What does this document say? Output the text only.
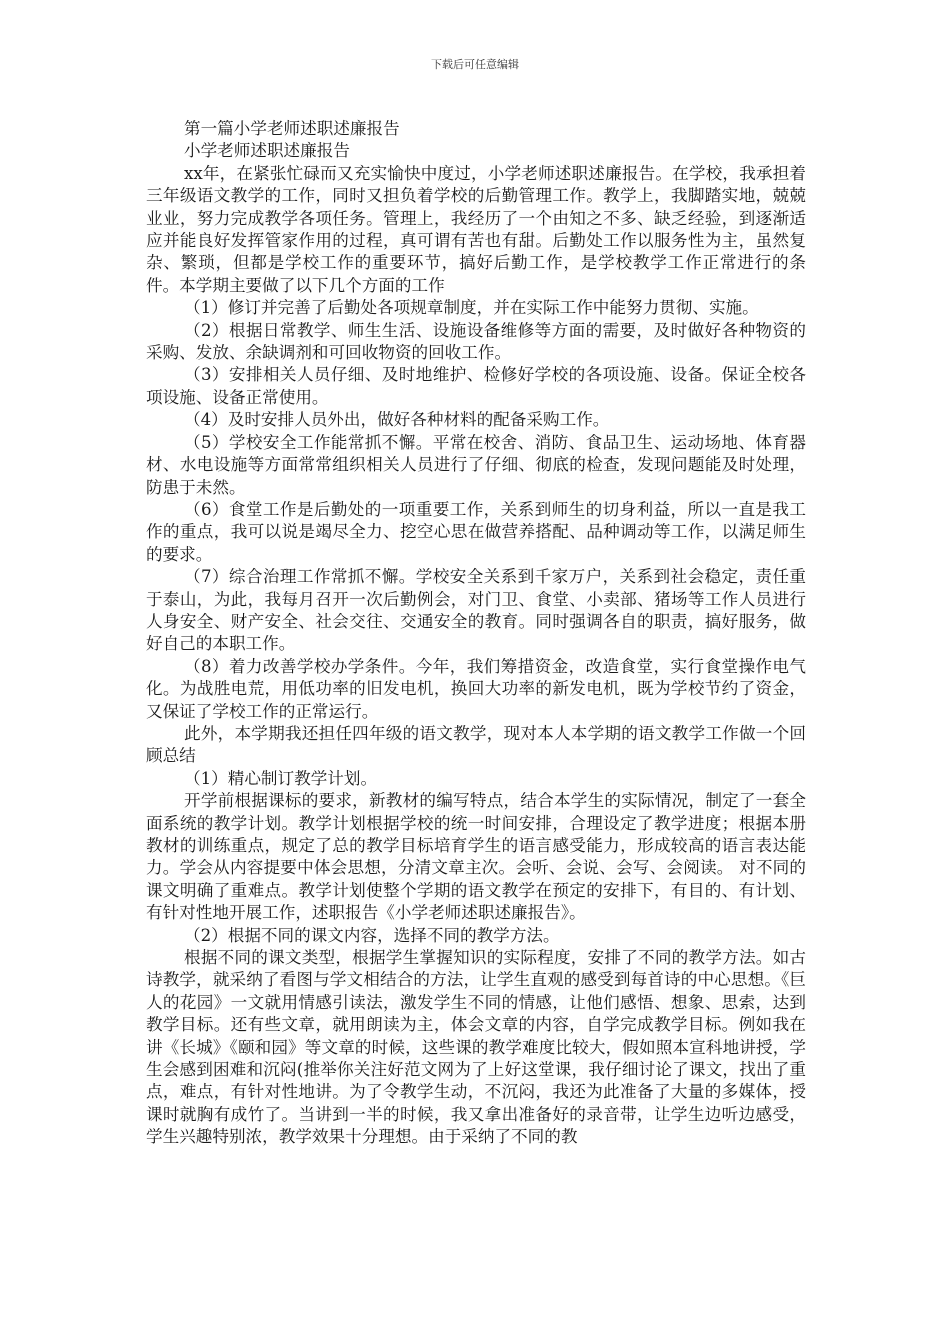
下载后可任意编辑

第一篇小学老师述职述廉报告

小学老师述职述廉报告

xx年，在紧张忙碌而又充实愉快中度过，小学老师述职述廉报告。在学校，我承担着三年级语文教学的工作，同时又担负着学校的后勤管理工作。教学上，我脚踏实地，兢兢业业，努力完成教学各项任务。管理上，我经历了一个由知之不多、缺乏经验，到逐渐适应并能良好发挥管家作用的过程，真可谓有苦也有甜。后勤处工作以服务性为主，虽然复杂、繁琐，但都是学校工作的重要环节，搞好后勤工作，是学校教学工作正常进行的条件。本学期主要做了以下几个方面的工作

（1）修订并完善了后勤处各项规章制度，并在实际工作中能努力贯彻、实施。

（2）根据日常教学、师生生活、设施设备维修等方面的需要，及时做好各种物资的采购、发放、余缺调剂和可回收物资的回收工作。

（3）安排相关人员仔细、及时地维护、检修好学校的各项设施、设备。保证全校各项设施、设备正常使用。

（4）及时安排人员外出，做好各种材料的配备采购工作。

（5）学校安全工作能常抓不懈。平常在校舍、消防、食品卫生、运动场地、体育器材、水电设施等方面常常组织相关人员进行了仔细、彻底的检查，发现问题能及时处理，防患于未然。

（6）食堂工作是后勤处的一项重要工作，关系到师生的切身利益，所以一直是我工作的重点，我可以说是竭尽全力、挖空心思在做营养搭配、品种调动等工作，以满足师生的要求。

（7）综合治理工作常抓不懈。学校安全关系到千家万户，关系到社会稳定，责任重于泰山，为此，我每月召开一次后勤例会，对门卫、食堂、小卖部、猪场等工作人员进行人身安全、财产安全、社会交往、交通安全的教育。同时强调各自的职责，搞好服务，做好自己的本职工作。

（8）着力改善学校办学条件。今年，我们筹措资金，改造食堂，实行食堂操作电气化。为战胜电荒，用低功率的旧发电机，换回大功率的新发电机，既为学校节约了资金，又保证了学校工作的正常运行。

此外，本学期我还担任四年级的语文教学，现对本人本学期的语文教学工作做一个回顾总结

（1）精心制订教学计划。

开学前根据课标的要求，新教材的编写特点，结合本学生的实际情况，制定了一套全面系统的教学计划。教学计划根据学校的统一时间安排，合理设定了教学进度；根据本册教材的训练重点，规定了总的教学目标培育学生的语言感受能力，形成较高的语言表达能力。学会从内容提要中体会思想，分清文章主次。会听、会说、会写、会阅读。 对不同的课文明确了重难点。教学计划使整个学期的语文教学在预定的安排下，有目的、有计划、有针对性地开展工作，述职报告《小学老师述职述廉报告》。

（2）根据不同的课文内容，选择不同的教学方法。

根据不同的课文类型，根据学生掌握知识的实际程度，安排了不同的教学方法。如古诗教学，就采纳了看图与学文相结合的方法，让学生直观的感受到每首诗的中心思想。《巨人的花园》一文就用情感引读法，激发学生不同的情感，让他们感悟、想象、思索，达到教学目标。还有些文章，就用朗读为主，体会文章的内容，自学完成教学目标。例如我在讲《长城》《颐和园》等文章的时候，这些课的教学难度比较大，假如照本宣科地讲授，学生会感到困难和沉闷(推举你关注好范文网为了上好这堂课，我仔细讨论了课文，找出了重点，难点，有针对性地讲。为了令教学生动，不沉闷，我还为此准备了大量的多媒体，授课时就胸有成竹了。当讲到一半的时候，我又拿出准备好的录音带，让学生边听边感受，学生兴趣特别浓，教学效果十分理想。由于采纳了不同的教
